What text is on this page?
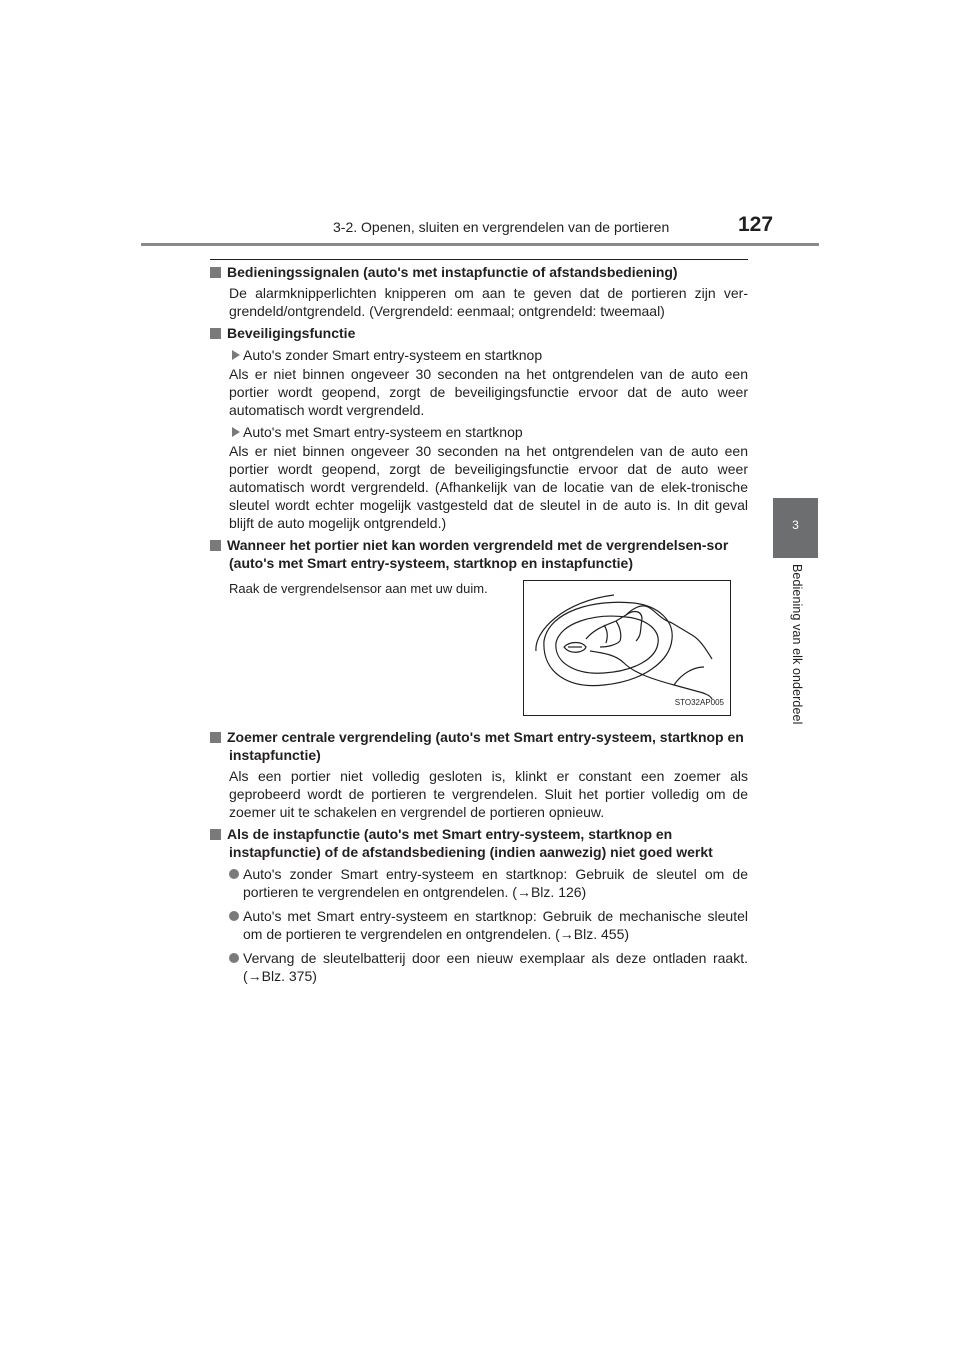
3-2. Openen, sluiten en vergrendelen van de portieren	127
3
Bediening van elk onderdeel
Bedieningssignalen (auto's met instapfunctie of afstandsbediening)
De alarmknipperlichten knipperen om aan te geven dat de portieren zijn ver-grendeld/ontgrendeld. (Vergrendeld: eenmaal; ontgrendeld: tweemaal)
Beveiligingsfunctie
Auto's zonder Smart entry-systeem en startknop
Als er niet binnen ongeveer 30 seconden na het ontgrendelen van de auto een portier wordt geopend, zorgt de beveiligingsfunctie ervoor dat de auto weer automatisch wordt vergrendeld.
Auto's met Smart entry-systeem en startknop
Als er niet binnen ongeveer 30 seconden na het ontgrendelen van de auto een portier wordt geopend, zorgt de beveiligingsfunctie ervoor dat de auto weer automatisch wordt vergrendeld. (Afhankelijk van de locatie van de elek-tronische sleutel wordt echter mogelijk vastgesteld dat de sleutel in de auto is. In dit geval blijft de auto mogelijk ontgrendeld.)
Wanneer het portier niet kan worden vergrendeld met de vergrendelsen-sor (auto's met Smart entry-systeem, startknop en instapfunctie)
Raak de vergrendelsensor aan met uw duim.
STO32AP005
Zoemer centrale vergrendeling (auto's met Smart entry-systeem, startknop en instapfunctie)
Als een portier niet volledig gesloten is, klinkt er constant een zoemer als geprobeerd wordt de portieren te vergrendelen. Sluit het portier volledig om de zoemer uit te schakelen en vergrendel de portieren opnieuw.
Als de instapfunctie (auto's met Smart entry-systeem, startknop en instapfunctie) of de afstandsbediening (indien aanwezig) niet goed werkt
Auto's zonder Smart entry-systeem en startknop: Gebruik de sleutel om de portieren te vergrendelen en ontgrendelen. (→Blz. 126)
Auto's met Smart entry-systeem en startknop: Gebruik de mechanische sleutel om de portieren te vergrendelen en ontgrendelen. (→Blz. 455)
Vervang de sleutelbatterij door een nieuw exemplaar als deze ontladen raakt. (→Blz. 375)
